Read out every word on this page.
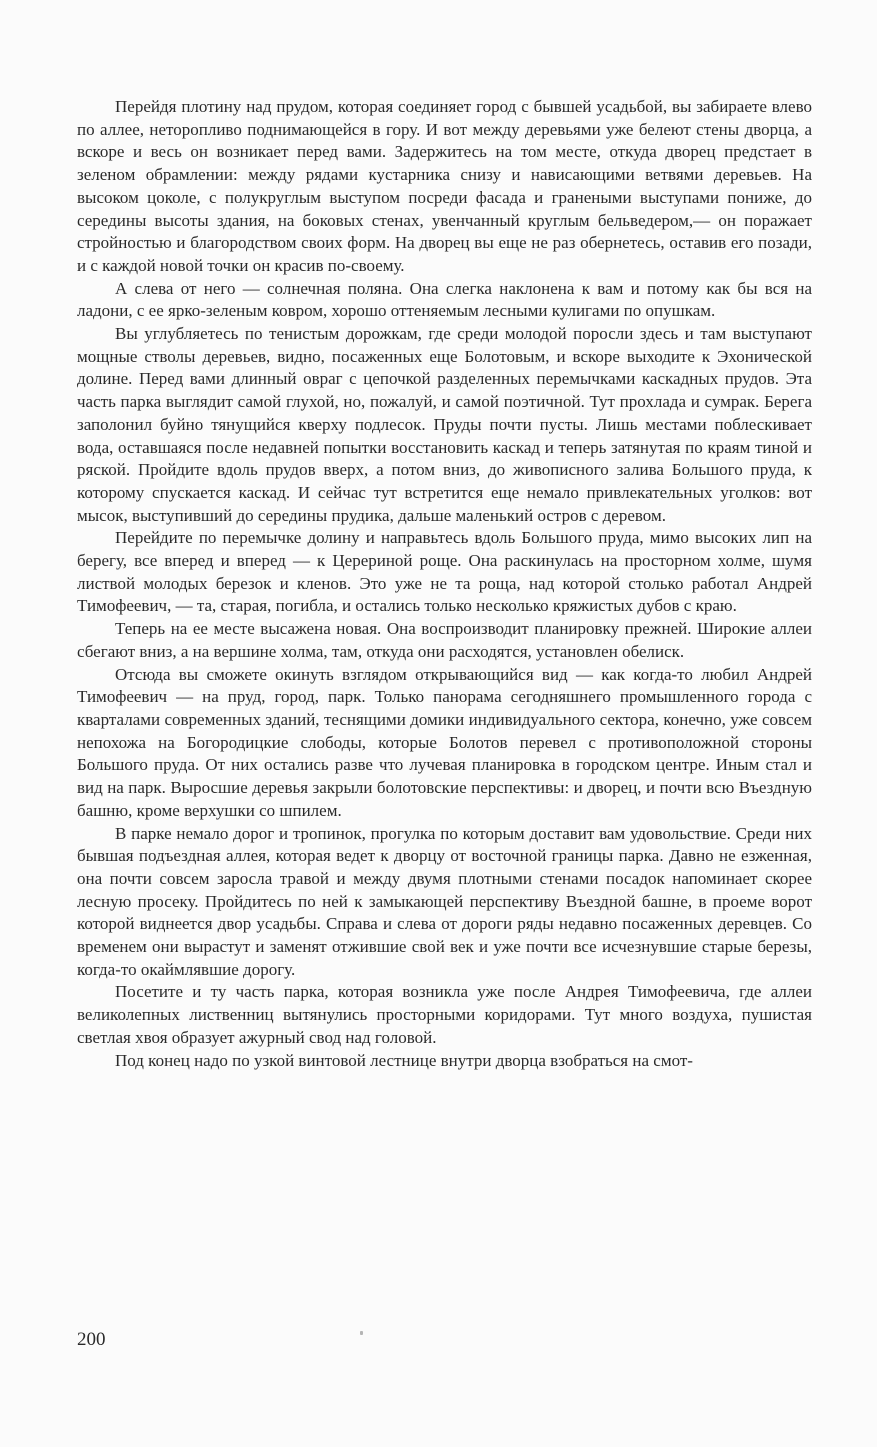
Перейдя плотину над прудом, которая соединяет город с бывшей усадьбой, вы забираете влево по аллее, неторопливо поднимающейся в гору. И вот между деревьями уже белеют стены дворца, а вскоре и весь он возникает перед вами. Задержитесь на том месте, откуда дворец предстает в зеленом обрамлении: между рядами кустарника снизу и нависающими ветвями деревьев. На высоком цоколе, с полукруглым выступом посреди фасада и гранеными выступами пониже, до середины высоты здания, на боковых стенах, увенчанный круглым бельведером,— он поражает стройностью и благородством своих форм. На дворец вы еще не раз обернетесь, оставив его позади, и с каждой новой точки он красив по-своему.

А слева от него — солнечная поляна. Она слегка наклонена к вам и потому как бы вся на ладони, с ее ярко-зеленым ковром, хорошо оттеняемым лесными кулигами по опушкам.

Вы углубляетесь по тенистым дорожкам, где среди молодой поросли здесь и там выступают мощные стволы деревьев, видно, посаженных еще Болотовым, и вскоре выходите к Эхонической долине. Перед вами длинный овраг с цепочкой разделенных перемычками каскадных прудов. Эта часть парка выглядит самой глухой, но, пожалуй, и самой поэтичной. Тут прохлада и сумрак. Берега заполонил буйно тянущийся кверху подлесок. Пруды почти пусты. Лишь местами поблескивает вода, оставшаяся после недавней попытки восстановить каскад и теперь затянутая по краям тиной и ряской. Пройдите вдоль прудов вверх, а потом вниз, до живописного залива Большого пруда, к которому спускается каскад. И сейчас тут встретится еще немало привлекательных уголков: вот мысок, выступивший до середины прудика, дальше маленький остров с деревом.

Перейдите по перемычке долину и направьтесь вдоль Большого пруда, мимо высоких лип на берегу, все вперед и вперед — к Церериной роще. Она раскинулась на просторном холме, шумя листвой молодых березок и кленов. Это уже не та роща, над которой столько работал Андрей Тимофеевич, — та, старая, погибла, и остались только несколько кряжистых дубов с краю.

Теперь на ее месте высажена новая. Она воспроизводит планировку прежней. Широкие аллеи сбегают вниз, а на вершине холма, там, откуда они расходятся, установлен обелиск.

Отсюда вы сможете окинуть взглядом открывающийся вид — как когда-то любил Андрей Тимофеевич — на пруд, город, парк. Только панорама сегодняшнего промышленного города с кварталами современных зданий, теснящими домики индивидуального сектора, конечно, уже совсем непохожа на Богородицкие слободы, которые Болотов перевел с противоположной стороны Большого пруда. От них остались разве что лучевая планировка в городском центре. Иным стал и вид на парк. Выросшие деревья закрыли болотовские перспективы: и дворец, и почти всю Въездную башню, кроме верхушки со шпилем.

В парке немало дорог и тропинок, прогулка по которым доставит вам удовольствие. Среди них бывшая подъездная аллея, которая ведет к дворцу от восточной границы парка. Давно не езженная, она почти совсем заросла травой и между двумя плотными стенами посадок напоминает скорее лесную просеку. Пройдитесь по ней к замыкающей перспективу Въездной башне, в проеме ворот которой виднеется двор усадьбы. Справа и слева от дороги ряды недавно посаженных деревцев. Со временем они вырастут и заменят отжившие свой век и уже почти все исчезнувшие старые березы, когда-то окаймлявшие дорогу.

Посетите и ту часть парка, которая возникла уже после Андрея Тимофеевича, где аллеи великолепных лиственниц вытянулись просторными коридорами. Тут много воздуха, пушистая светлая хвоя образует ажурный свод над головой.

Под конец надо по узкой винтовой лестнице внутри дворца взобраться на смот-

200
